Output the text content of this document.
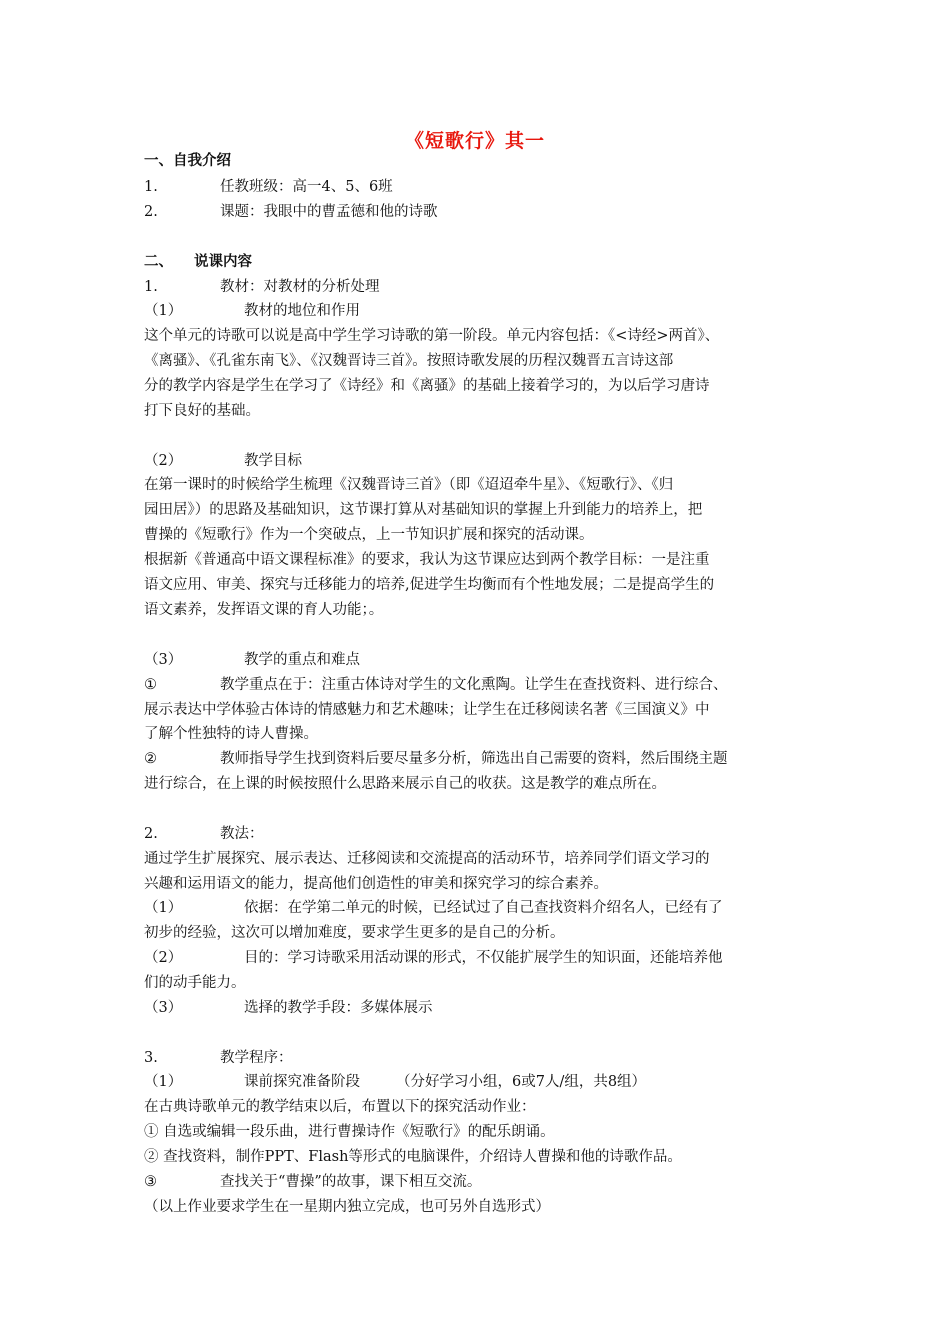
《短歌行》其一
一、自我介绍
1.	任教班级：高一4、5、6班
2.	课题：我眼中的曹孟德和他的诗歌
二、 说课内容
1.	教材：对教材的分析处理
（1）	教材的地位和作用
这个单元的诗歌可以说是高中学生学习诗歌的第一阶段。单元内容包括：《<诗经>两首》、
《离骚》、《孔雀东南飞》、《汉魏晋诗三首》。按照诗歌发展的历程汉魏晋五言诗这部
分的教学内容是学生在学习了《诗经》和《离骚》的基础上接着学习的，为以后学习唐诗
打下良好的基础。
（2）	教学目标
在第一课时的时候给学生梳理《汉魏晋诗三首》（即《迢迢牵牛星》、《短歌行》、《归
园田居》）的思路及基础知识，这节课打算从对基础知识的掌握上升到能力的培养上，把
曹操的《短歌行》作为一个突破点，上一节知识扩展和探究的活动课。
根据新《普通高中语文课程标准》的要求，我认为这节课应达到两个教学目标：一是注重
语文应用、审美、探究与迁移能力的培养,促进学生均衡而有个性地发展；二是提高学生的
语文素养，发挥语文课的育人功能；。
（3）	教学的重点和难点
①	教学重点在于：注重古体诗对学生的文化熏陶。让学生在查找资料、进行综合、
展示表达中学体验古体诗的情感魅力和艺术趣味；让学生在迁移阅读名著《三国演义》中
了解个性独特的诗人曹操。
②	教师指导学生找到资料后要尽量多分析，筛选出自己需要的资料，然后围绕主题
进行综合，在上课的时候按照什么思路来展示自己的收获。这是教学的难点所在。
2.	教法：
通过学生扩展探究、展示表达、迁移阅读和交流提高的活动环节，培养同学们语文学习的
兴趣和运用语文的能力，提高他们创造性的审美和探究学习的综合素养。
（1）	依据：在学第二单元的时候，已经试过了自己查找资料介绍名人，已经有了
初步的经验，这次可以增加难度，要求学生更多的是自己的分析。
（2）	目的：学习诗歌采用活动课的形式，不仅能扩展学生的知识面，还能培养他
们的动手能力。
（3）	选择的教学手段：多媒体展示
3.	教学程序：
（1）	课前探究准备阶段 （分好学习小组，6或7人/组，共8组）
在古典诗歌单元的教学结束以后，布置以下的探究活动作业：
① 自选或编辑一段乐曲，进行曹操诗作《短歌行》的配乐朗诵。
② 查找资料，制作PPT、Flash等形式的电脑课件，介绍诗人曹操和他的诗歌作品。
③	查找关于“曹操”的故事，课下相互交流。
（以上作业要求学生在一星期内独立完成，也可另外自选形式）
